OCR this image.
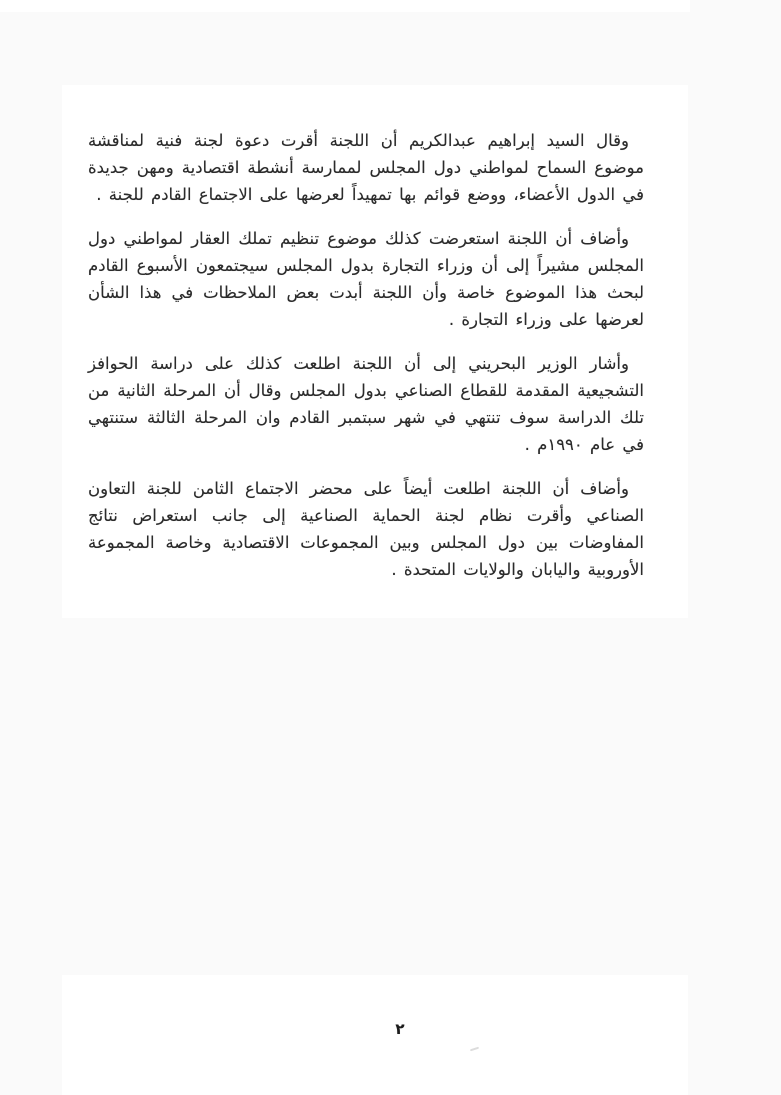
وقال السيد إبراهيم عبدالكريم أن اللجنة أقرت دعوة لجنة فنية لمناقشة موضوع السماح لمواطني دول المجلس لممارسة أنشطة اقتصادية ومهن جديدة في الدول الأعضاء، ووضع قوائم بها تمهيداً لعرضها على الاجتماع القادم للجنة .

وأضاف أن اللجنة استعرضت كذلك موضوع تنظيم تملك العقار لمواطني دول المجلس مشيراً إلى أن وزراء التجارة بدول المجلس سيجتمعون الأسبوع القادم لبحث هذا الموضوع خاصة وأن اللجنة أبدت بعض الملاحظات في هذا الشأن لعرضها على وزراء التجارة .

وأشار الوزير البحريني إلى أن اللجنة اطلعت كذلك على دراسة الحوافز التشجيعية المقدمة للقطاع الصناعي بدول المجلس وقال أن المرحلة الثانية من تلك الدراسة سوف تنتهي في شهر سبتمبر القادم وان المرحلة الثالثة ستنتهي في عام ١٩٩٠م .

وأضاف أن اللجنة اطلعت أيضاً على محضر الاجتماع الثامن للجنة التعاون الصناعي وأقرت نظام لجنة الحماية الصناعية إلى جانب استعراض نتائج المفاوضات بين دول المجلس وبين المجموعات الاقتصادية وخاصة المجموعة الأوروبية واليابان والولايات المتحدة .

٢
